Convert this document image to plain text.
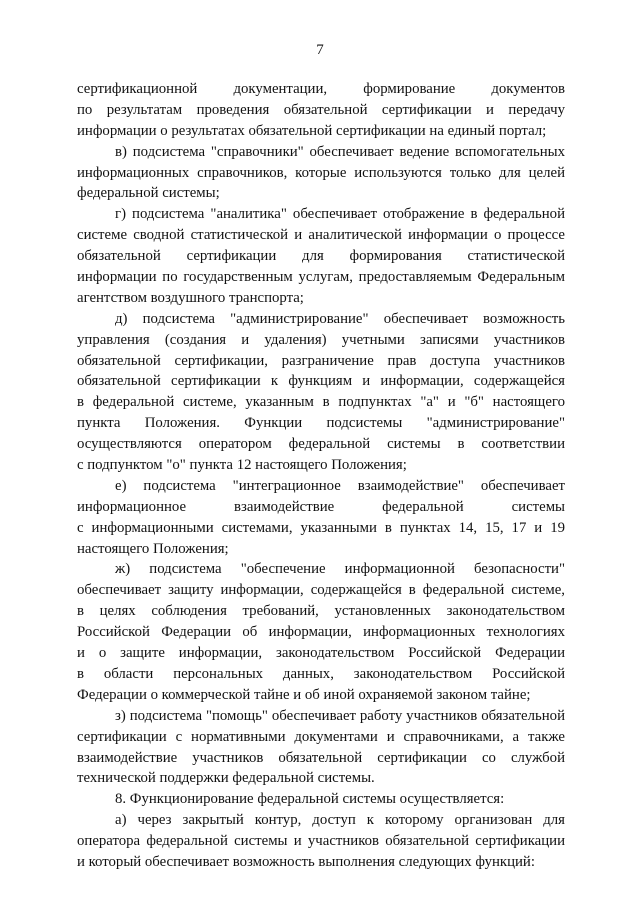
7
сертификационной документации, формирование документов
по результатам проведения обязательной сертификации и передачу
информации о результатах обязательной сертификации на единый портал;
в) подсистема "справочники" обеспечивает ведение вспомогательных
информационных справочников, которые используются только для целей
федеральной системы;
г) подсистема "аналитика" обеспечивает отображение в федеральной
системе сводной статистической и аналитической информации о процессе
обязательной сертификации для формирования статистической
информации по государственным услугам, предоставляемым Федеральным
агентством воздушного транспорта;
д) подсистема "администрирование" обеспечивает возможность
управления (создания и удаления) учетными записями участников
обязательной сертификации, разграничение прав доступа участников
обязательной сертификации к функциям и информации, содержащейся
в федеральной системе, указанным в подпунктах "а" и "б" настоящего
пункта Положения. Функции подсистемы "администрирование"
осуществляются оператором федеральной системы в соответствии
с подпунктом "о" пункта 12 настоящего Положения;
е) подсистема "интеграционное взаимодействие" обеспечивает
информационное взаимодействие федеральной системы
с информационными системами, указанными в пунктах 14, 15, 17 и 19
настоящего Положения;
ж) подсистема "обеспечение информационной безопасности"
обеспечивает защиту информации, содержащейся в федеральной системе,
в целях соблюдения требований, установленных законодательством
Российской Федерации об информации, информационных технологиях
и о защите информации, законодательством Российской Федерации
в области персональных данных, законодательством Российской
Федерации о коммерческой тайне и об иной охраняемой законом тайне;
з) подсистема "помощь" обеспечивает работу участников обязательной
сертификации с нормативными документами и справочниками, а также
взаимодействие участников обязательной сертификации со службой
технической поддержки федеральной системы.
8. Функционирование федеральной системы осуществляется:
а) через закрытый контур, доступ к которому организован для
оператора федеральной системы и участников обязательной сертификации
и который обеспечивает возможность выполнения следующих функций:
